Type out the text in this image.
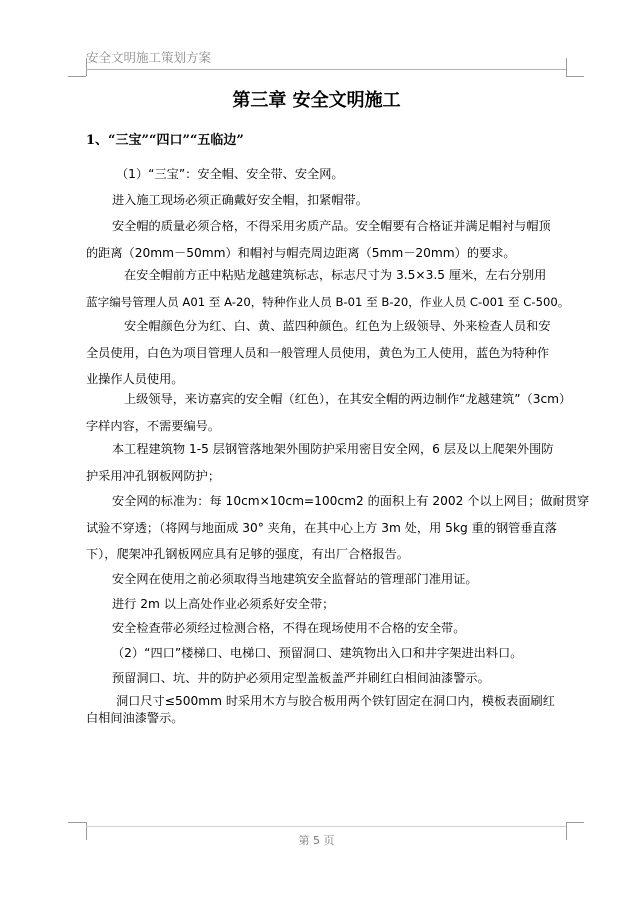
安全文明施工策划方案
第三章 安全文明施工
1、“三宝”“四口”“五临边”
（1）“三宝”：安全帽、安全带、安全网。
进入施工现场必须正确戴好安全帽，扣紧帽带。
安全帽的质量必须合格，不得采用劣质产品。安全帽要有合格证并满足帽衬与帽顶
的距离（20mm－50mm）和帽衬与帽壳周边距离（5mm－20mm）的要求。
在安全帽前方正中粘贴龙越建筑标志，标志尺寸为 3.5×3.5 厘米，左右分别用
蓝字编号管理人员 A01 至 A-20，特种作业人员 B-01 至 B-20，作业人员 C-001 至 C-500。
安全帽颜色分为红、白、黄、蓝四种颜色。红色为上级领导、外来检查人员和安
全员使用，白色为项目管理人员和一般管理人员使用，黄色为工人使用，蓝色为特种作
业操作人员使用。
上级领导，来访嘉宾的安全帽（红色），在其安全帽的两边制作“龙越建筑”（3cm）
字样内容，不需要编号。
本工程建筑物 1-5 层钢管落地架外围防护采用密目安全网，6 层及以上爬架外围防
护采用冲孔钢板网防护；
安全网的标准为：每 10cm×10cm=100cm2 的面积上有 2002 个以上网目；做耐贯穿
试验不穿透；（将网与地面成 30° 夹角，在其中心上方 3m 处，用 5kg 重的钢管垂直落
下），爬架冲孔钢板网应具有足够的强度，有出厂合格报告。
安全网在使用之前必须取得当地建筑安全监督站的管理部门准用证。
进行 2m 以上高处作业必须系好安全带；
安全检查带必须经过检测合格，不得在现场使用不合格的安全带。
（2）“四口”楼梯口、电梯口、预留洞口、建筑物出入口和井字架进出料口。
预留洞口、坑、井的防护必须用定型盖板盖严并刷红白相间油漆警示。
洞口尺寸≤500mm 时采用木方与胶合板用两个铁钉固定在洞口内，模板表面刷红
白相间油漆警示。
第 5 页
